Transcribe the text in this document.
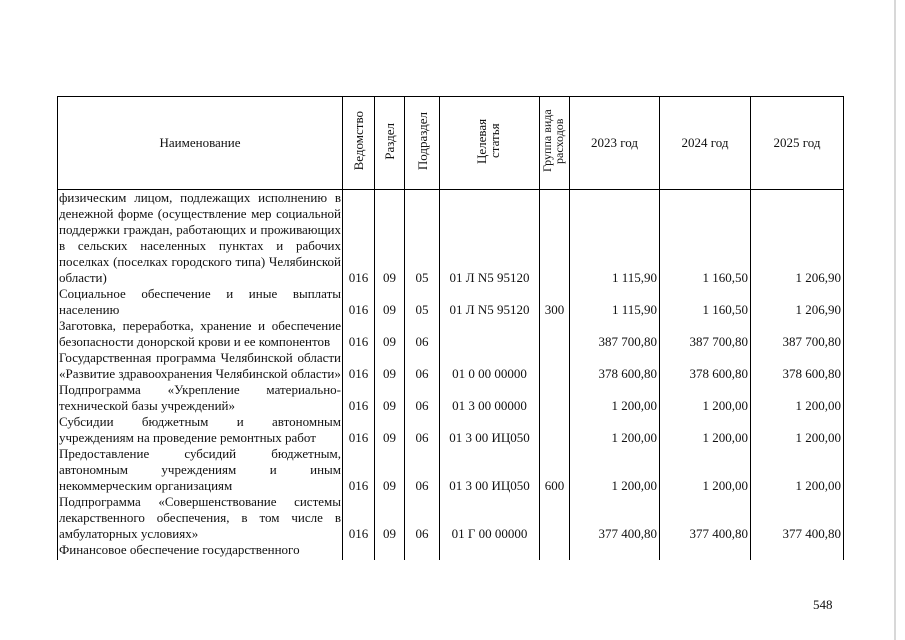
Наименование	Ведомство	Раздел	Подраздел	Целевая статья	Группа вида расходов	2023 год	2024 год	2025 год
физическим лицом, подлежащих исполнению в денежной форме (осуществление мер социальной поддержки граждан, работающих и проживающих в сельских населенных пунктах и рабочих поселках (поселках городского типа) Челябинской области)	016	09	05	01 Л N5 95120		1 115,90	1 160,50	1 206,90
Социальное обеспечение и иные выплаты населению	016	09	05	01 Л N5 95120	300	1 115,90	1 160,50	1 206,90
Заготовка, переработка, хранение и обеспечение безопасности донорской крови и ее компонентов	016	09	06			387 700,80	387 700,80	387 700,80
Государственная программа Челябинской области «Развитие здравоохранения Челябинской области»	016	09	06	01 0 00 00000		378 600,80	378 600,80	378 600,80
Подпрограмма «Укрепление материально-технической базы учреждений»	016	09	06	01 3 00 00000		1 200,00	1 200,00	1 200,00
Субсидии бюджетным и автономным учреждениям на проведение ремонтных работ	016	09	06	01 3 00 ИЦ050		1 200,00	1 200,00	1 200,00
Предоставление субсидий бюджетным, автономным учреждениям и иным некоммерческим организациям	016	09	06	01 3 00 ИЦ050	600	1 200,00	1 200,00	1 200,00
Подпрограмма «Совершенствование системы лекарственного обеспечения, в том числе в амбулаторных условиях»	016	09	06	01 Г 00 00000		377 400,80	377 400,80	377 400,80
Финансовое обеспечение государственного								
548
